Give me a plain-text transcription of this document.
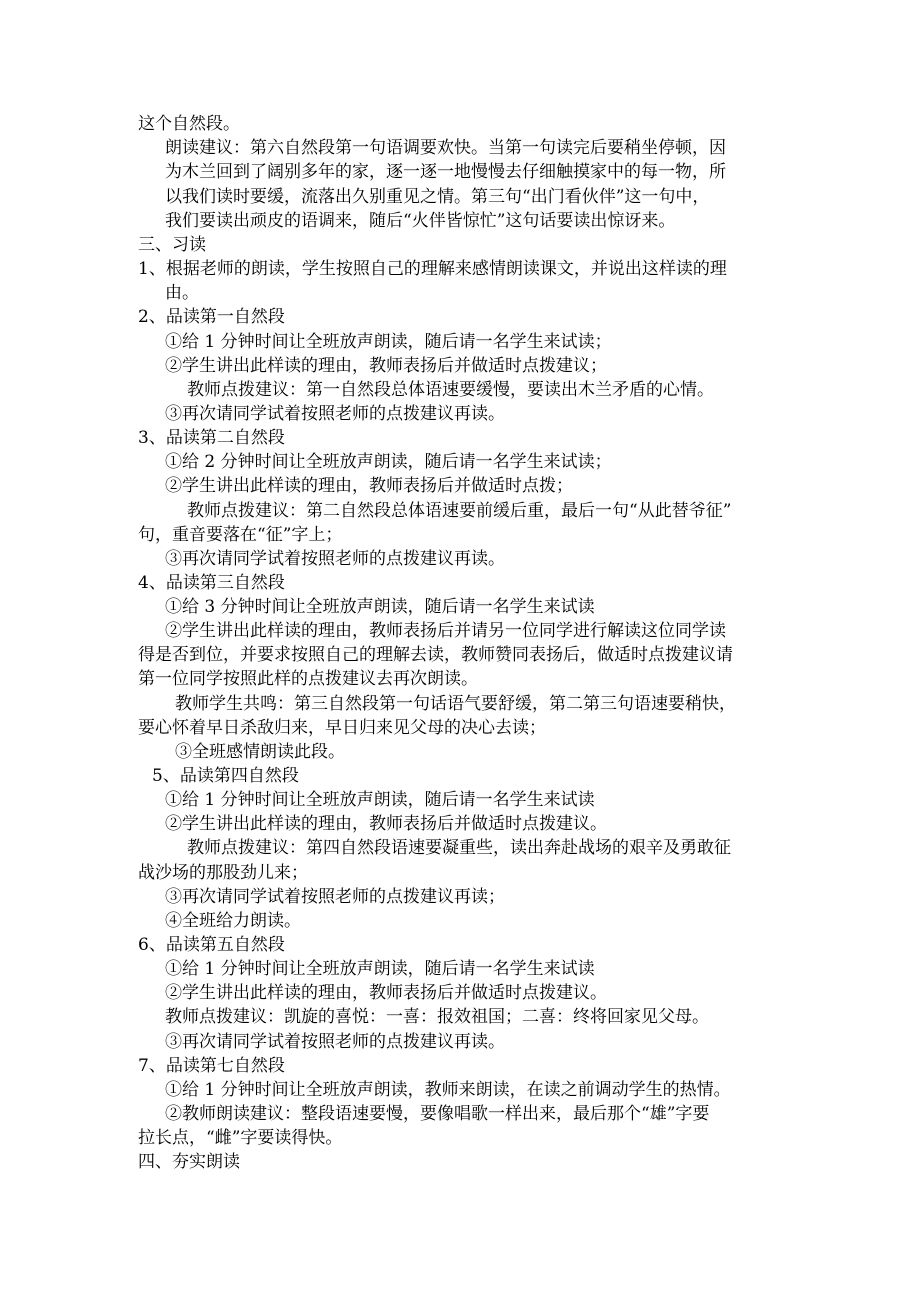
这个自然段。
朗读建议：第六自然段第一句语调要欢快。当第一句读完后要稍坐停顿，因
为木兰回到了阔别多年的家，逐一逐一地慢慢去仔细触摸家中的每一物，所
以我们读时要缓，流落出久别重见之情。第三句“出门看伙伴”这一句中，
我们要读出顽皮的语调来，随后“火伴皆惊忙”这句话要读出惊讶来。
三、习读
1、根据老师的朗读，学生按照自己的理解来感情朗读课文，并说出这样读的理
由。
2、品读第一自然段
①给 1 分钟时间让全班放声朗读，随后请一名学生来试读；
②学生讲出此样读的理由，教师表扬后并做适时点拨建议；
教师点拨建议：第一自然段总体语速要缓慢，要读出木兰矛盾的心情。
③再次请同学试着按照老师的点拨建议再读。
3、品读第二自然段
①给 2 分钟时间让全班放声朗读，随后请一名学生来试读；
②学生讲出此样读的理由，教师表扬后并做适时点拨；
教师点拨建议：第二自然段总体语速要前缓后重，最后一句“从此替爷征”
句，重音要落在“征”字上；
③再次请同学试着按照老师的点拨建议再读。
4、品读第三自然段
①给 3 分钟时间让全班放声朗读，随后请一名学生来试读
②学生讲出此样读的理由，教师表扬后并请另一位同学进行解读这位同学读
得是否到位，并要求按照自己的理解去读，教师赞同表扬后，做适时点拨建议请
第一位同学按照此样的点拨建议去再次朗读。
教师学生共鸣：第三自然段第一句话语气要舒缓，第二第三句语速要稍快，
要心怀着早日杀敌归来，早日归来见父母的决心去读；
③全班感情朗读此段。
5、品读第四自然段
①给 1 分钟时间让全班放声朗读，随后请一名学生来试读
②学生讲出此样读的理由，教师表扬后并做适时点拨建议。
教师点拨建议：第四自然段语速要凝重些，读出奔赴战场的艰辛及勇敢征
战沙场的那股劲儿来；
③再次请同学试着按照老师的点拨建议再读；
④全班给力朗读。
6、品读第五自然段
①给 1 分钟时间让全班放声朗读，随后请一名学生来试读
②学生讲出此样读的理由，教师表扬后并做适时点拨建议。
教师点拨建议：凯旋的喜悦：一喜：报效祖国；二喜：终将回家见父母。
③再次请同学试着按照老师的点拨建议再读。
7、品读第七自然段
①给 1 分钟时间让全班放声朗读，教师来朗读，在读之前调动学生的热情。
②教师朗读建议：整段语速要慢，要像唱歌一样出来，最后那个“雄”字要
拉长点，“雌”字要读得快。
四、夯实朗读
